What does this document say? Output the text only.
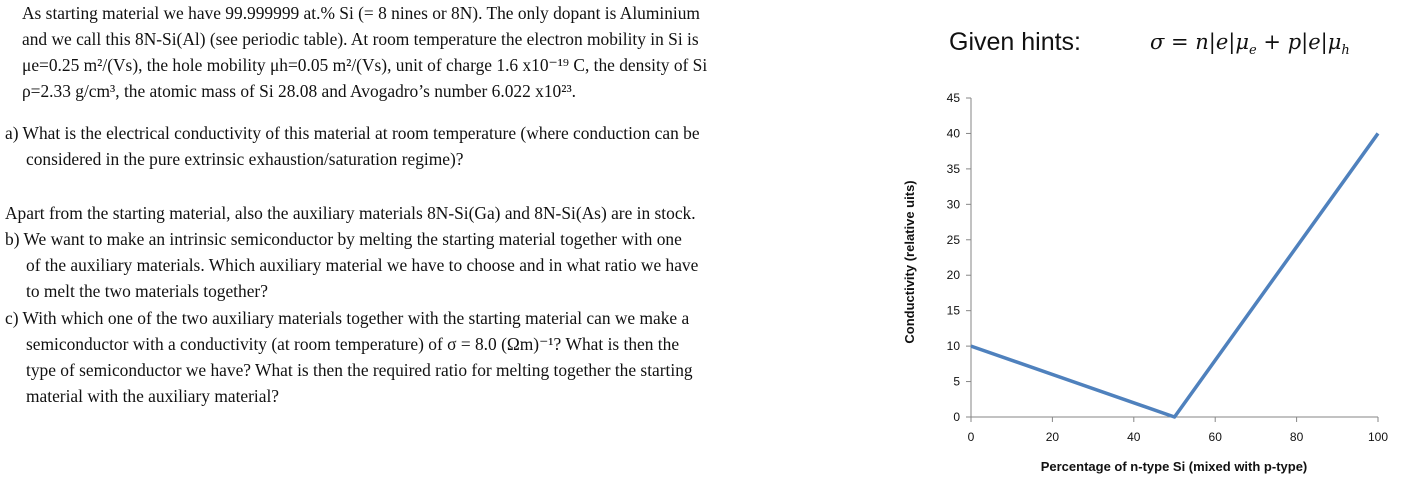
As starting material we have 99.999999 at.% Si (= 8 nines or 8N). The only dopant is Aluminium
and we call this 8N-Si(Al) (see periodic table). At room temperature the electron mobility in Si is
μe=0.25 m²/(Vs), the hole mobility μh=0.05 m²/(Vs), unit of charge 1.6 x10⁻¹⁹ C, the density of Si
ρ=2.33 g/cm³, the atomic mass of Si 28.08 and Avogadro’s number 6.022 x10²³.
a) What is the electrical conductivity of this material at room temperature (where conduction can be
considered in the pure extrinsic exhaustion/saturation regime)?
Apart from the starting material, also the auxiliary materials 8N-Si(Ga) and 8N-Si(As) are in stock.
b) We want to make an intrinsic semiconductor by melting the starting material together with one
of the auxiliary materials. Which auxiliary material we have to choose and in what ratio we have
to melt the two materials together?
c) With which one of the two auxiliary materials together with the starting material can we make a
semiconductor with a conductivity (at room temperature) of σ = 8.0 (Ωm)⁻¹? What is then the
type of semiconductor we have? What is then the required ratio for melting together the starting
material with the auxiliary material?
Given hints:	$\sigma = n|e|\mu_e + p|e|\mu_h$
0
5
10
15
20
25
30
35
40
45
0	20	40	60	80	100
Percentage of n-type Si (mixed with p-type)
Conductivity (relative uits)
